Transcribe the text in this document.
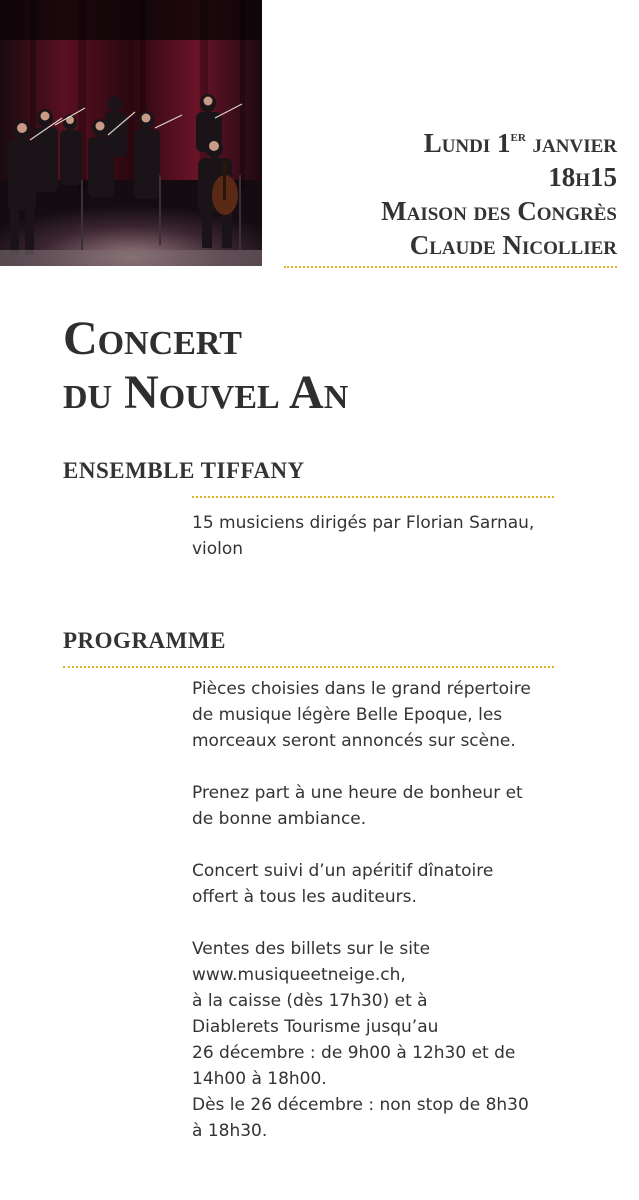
Lundi 1er janvier
18h15
Maison des Congrès
Claude Nicollier
Concert
du Nouvel An
ENSEMBLE TIFFANY
15 musiciens dirigés par Florian Sarnau,
violon
PROGRAMME

Pièces choisies dans le grand répertoire
de musique légère Belle Epoque, les
morceaux seront annoncés sur scène.

Prenez part à une heure de bonheur et
de bonne ambiance.

Concert suivi d’un apéritif dînatoire
offert à tous les auditeurs.

Ventes des billets sur le site
www.musiqueetneige.ch,
à la caisse (dès 17h30) et à
Diablerets Tourisme jusqu’au
26 décembre : de 9h00 à 12h30 et de
14h00 à 18h00.
Dès le 26 décembre : non stop de 8h30
à 18h30.
